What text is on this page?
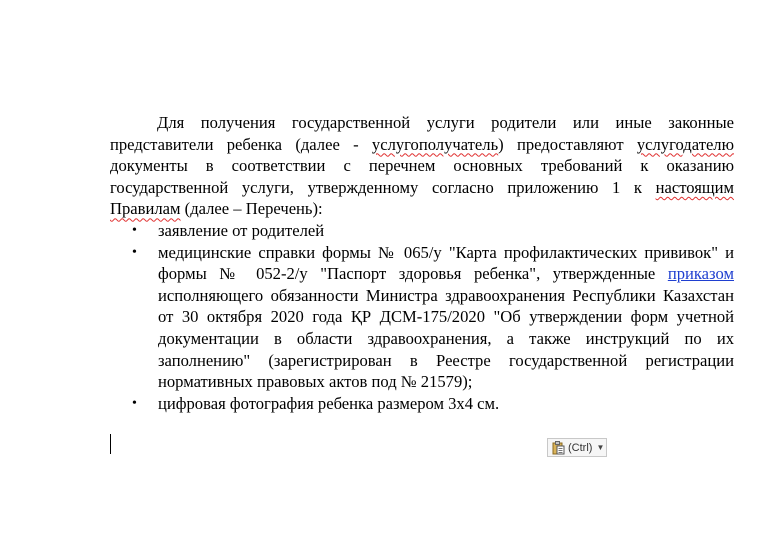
Для получения государственной услуги родители или иные законные представители ребенка (далее - услугополучатель) предоставляют услугодателю документы в соответствии с перечнем основных требований к оказанию государственной услуги, утвержденному согласно приложению 1 к настоящим Правилам (далее – Перечень):

• заявление от родителей
• медицинские справки формы № 065/у "Карта профилактических прививок" и формы № 052-2/у "Паспорт здоровья ребенка", утвержденные приказом исполняющего обязанности Министра здравоохранения Республики Казахстан от 30 октября 2020 года ҚР ДСМ-175/2020 "Об утверждении форм учетной документации в области здравоохранения, а также инструкций по их заполнению" (зарегистрирован в Реестре государственной регистрации нормативных правовых актов под № 21579);
• цифровая фотография ребенка размером 3х4 см.
(Ctrl) ▼
